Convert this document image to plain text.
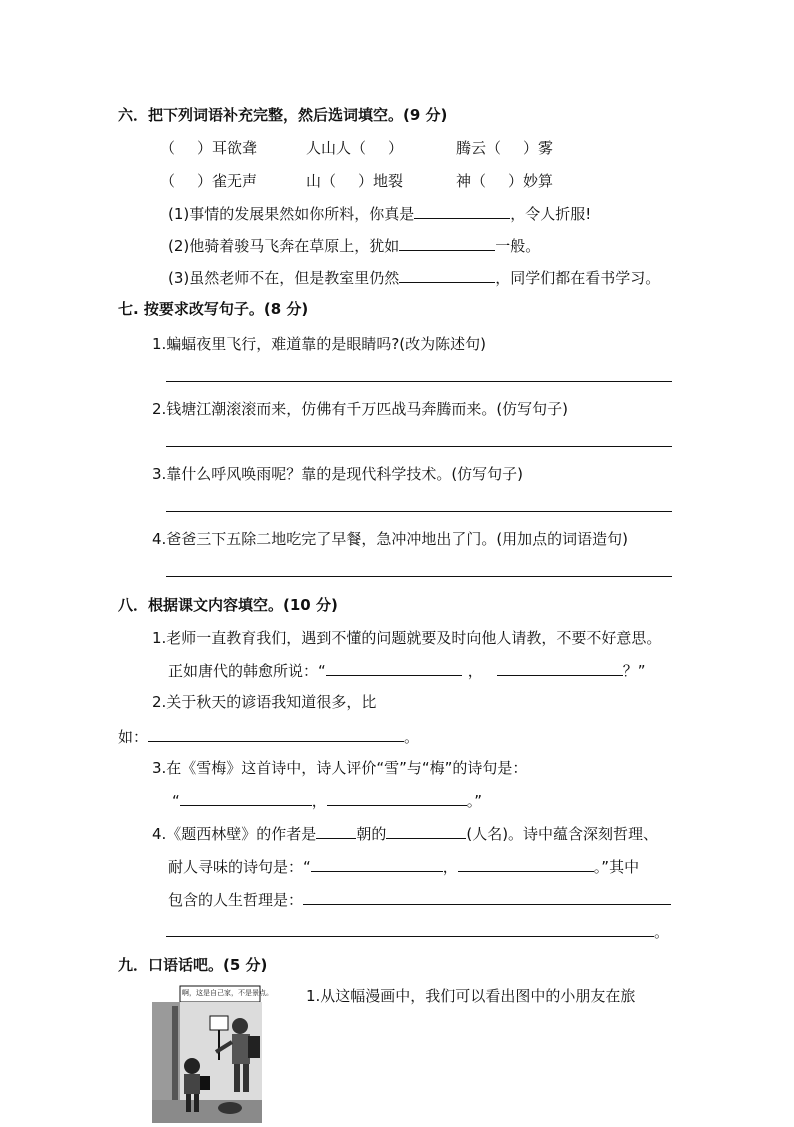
六．把下列词语补充完整，然后选词填空。(9 分)
（ ）耳欲聋	人山人（ ）	腾云（ ）雾
（ ）雀无声	山（ ）地裂	神（ ）妙算
(1)事情的发展果然如你所料，你真是	，令人折服!
(2)他骑着骏马飞奔在草原上，犹如	一般。
(3)虽然老师不在，但是教室里仍然	，同学们都在看书学习。
七. 按要求改写句子。(8 分)
1.蝙蝠夜里飞行，难道靠的是眼睛吗?(改为陈述句)
2.钱塘江潮滚滚而来，仿佛有千万匹战马奔腾而来。(仿写句子)
3.靠什么呼风唤雨呢？靠的是现代科学技术。(仿写句子)
4.爸爸三下五除二地吃完了早餐，急冲冲地出了门。(用加点的词语造句)
八．根据课文内容填空。(10 分)
1.老师一直教育我们，遇到不懂的问题就要及时向他人请教，不要不好意思。
正如唐代的韩愈所说：“	，	？”
2.关于秋天的谚语我知道很多，比
如：	。
3.在《雪梅》这首诗中，诗人评价“雪”与“梅”的诗句是：
“	，	。”
4.《题西林壁》的作者是	朝的	(人名)。诗中蕴含深刻哲理、
耐人寻味的诗句是：“	，	。”其中
包含的人生哲理是：
。
九．口语话吧。(5 分)
1.从这幅漫画中，我们可以看出图中的小朋友在旅
啊，这是自己家，不是景点。
